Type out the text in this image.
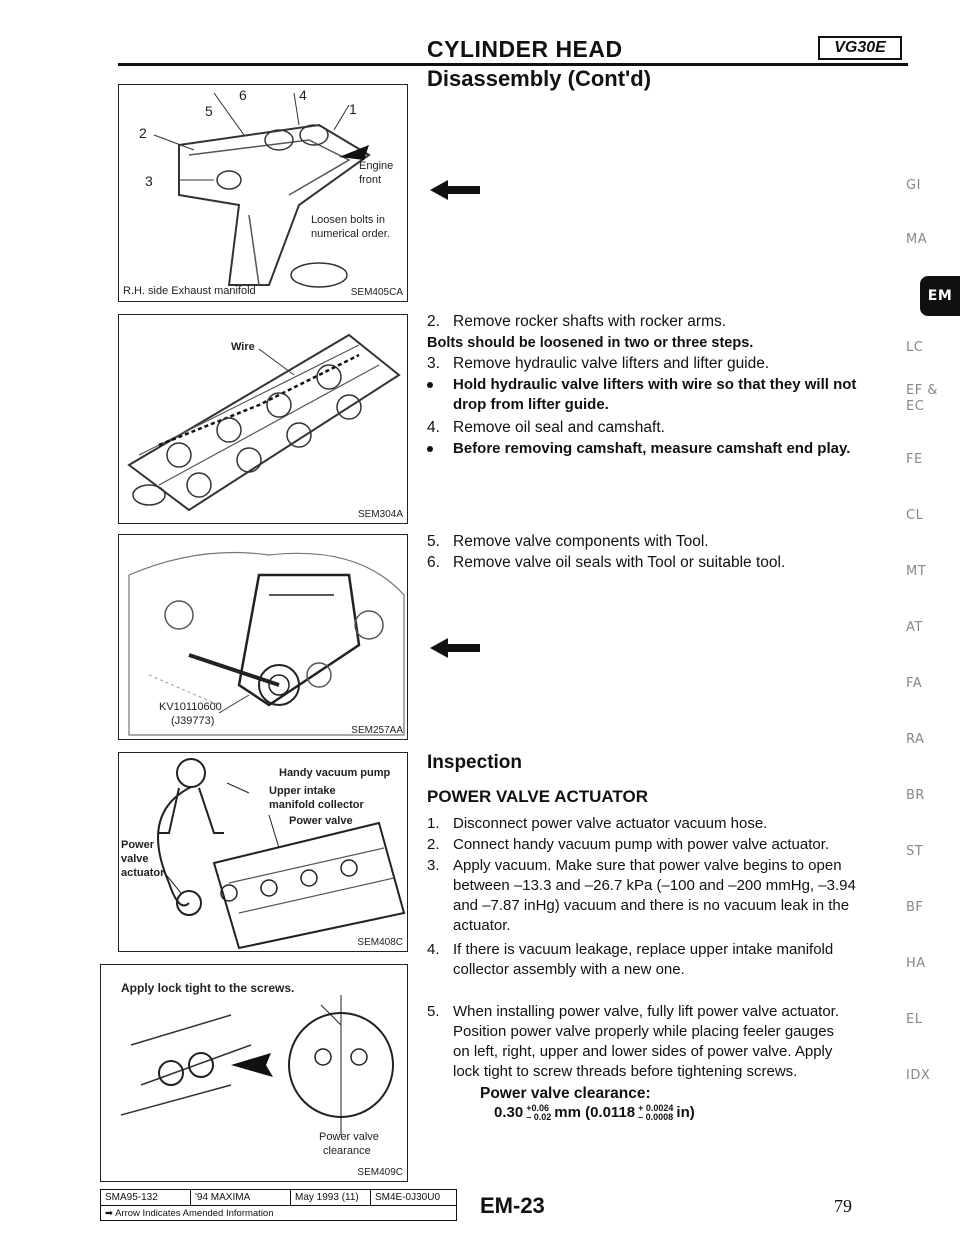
CYLINDER HEAD	VG30E
Disassembly (Cont'd)
6	4
5	1
2
3
Engine front
Loosen bolts in numerical order.
R.H. side Exhaust manifold	SEM405CA
Wire
SEM304A
KV10110600
(J39773)
SEM257AA
Handy vacuum pump
Upper intake
manifold collector
Power valve
Power
valve
actuator
SEM408C
Apply lock tight to the screws.
Power valve
clearance
SEM409C
2. Remove rocker shafts with rocker arms.
Bolts should be loosened in two or three steps.
3. Remove hydraulic valve lifters and lifter guide.
Hold hydraulic valve lifters with wire so that they will not
drop from lifter guide.
4. Remove oil seal and camshaft.
Before removing camshaft, measure camshaft end play.
5. Remove valve components with Tool.
6. Remove valve oil seals with Tool or suitable tool.
Inspection
POWER VALVE ACTUATOR
1. Disconnect power valve actuator vacuum hose.
2. Connect handy vacuum pump with power valve actuator.
3. Apply vacuum. Make sure that power valve begins to open
between –13.3 and –26.7 kPa (–100 and –200 mmHg, –3.94
and –7.87 inHg) vacuum and there is no vacuum leak in the
actuator.
4. If there is vacuum leakage, replace upper intake manifold
collector assembly with a new one.
5. When installing power valve, fully lift power valve actuator.
Position power valve properly while placing feeler gauges
on left, right, upper and lower sides of power valve. Apply
lock tight to screw threads before tightening screws.
Power valve clearance:
0.30 +0.06
– 0.02 mm (0.0118 + 0.0024
– 0.0008 in)
GI
MA
EM
LC
EF &
EC
FE
CL
MT
AT
FA
RA
BR
ST
BF
HA
EL
IDX
SMA95-132	'94 MAXIMA	May 1993 (11)	SM4E-0J30U0
➡ Arrow Indicates Amended Information	EM-23	79
